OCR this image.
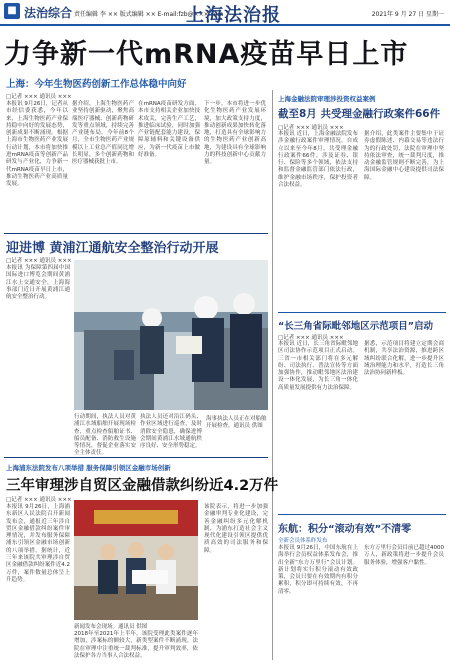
■ 法治综合 责任编辑 李 ×× 版式编辑 ×× E-mail:fzb@×××.com
上海法治报	2021年 9 月 27 日 星期一
力争新一代mRNA疫苗早日上市
上海：今年生物医药创新工作总体稳中向好
□记者 ××× 通讯员 ×××
本报讯 9月26日，记者从市经信委获悉，今年以来，上海生物医药产业保持稳中向好的发展态势，创新成果不断涌现。根据上海市生物医药产业发展行动计划，本市将加快推进mRNA疫苗等创新产品研发与产业化，力争新一代mRNA疫苗早日上市，推动生物医药产业高质量发展。
据介绍，上海生物医药产业坚持创新驱动，聚焦高端医疗器械、创新药物研发等重点领域，持续完善产业链布局。今年前8个月，全市生物医药产业规模以上工业总产值同比增长明显，多个创新药物和医疗器械获批上市。
在mRNA疫苗研发方面，本市支持相关企业加快技术攻关，完善生产工艺，推进临床试验，同时加强产业链配套能力建设，保障原辅料和关键设备供应，为新一代疫苗上市做好准备。
下一步，本市将进一步优化生物医药产业发展环境，加大政策支持力度，推动创新成果加快转化落地，打造具有全球影响力的生物医药产业创新高地，为建设具有全球影响力的科技创新中心贡献力量。
上海金融法院审理涉投资权益案例
截至8月 共受理金融行政案件66件
□记者 ××× 通讯员 ×××
本报讯 近日，上海金融法院发布涉金融行政案件审理情况。自成立以来至今年8月，共受理金融行政案件66件，涉及证券、银行、保险等多个领域，依法支持和监督金融监管部门依法行政，维护金融市场秩序，保护投资者合法权益。
据介绍，此类案件主要集中于证券虚假陈述、内幕交易等违法行为的行政处罚，法院在审理中坚持依法审查，统一裁判尺度，推动金融监管规则不断完善，为上海国际金融中心建设提供司法保障。
“长三角省际毗邻地区示范项目”启动
□记者 ××× 通讯员 ×××
本报讯 近日，长三角省际毗邻地区司法协作示范项目正式启动。三省一市相关部门将在多元解纷、司法执行、普法宣传等方面加强协作，推动毗邻地区法治建设一体化发展，为长三角一体化高质量发展提供有力法治保障。
据悉，示范项目将建立定期会商机制，共享法治资源，推进跨区域纠纷联合化解，进一步提升区域治理能力和水平，打造长三角法治协同新样板。
东航：积分“滚动有效”不清零
全新会员体系昨发布
本报讯 9月26日，中国东航在上海举行会员权益体系发布会，推出全新“东方万里行”会员计划。新计划将实行积分滚动有效政策，会员只要在有效期内有积分累积，积分即可持续有效，不再清零。
东方万里行会员目前已超过4000万人，新政策将进一步提升会员服务体验，增强客户黏性。
迎进博 黄浦江通航安全整治行动开展
□记者 ××× 通讯员 ×××
本报讯 为保障第四届中国国际进口博览会期间黄浦江水上交通安全，上海海事部门近日开展黄浦江通航安全整治行动。
行动期间，执法人员对黄浦江水域船舶开展现场检查，重点检查船舶证书、船员配备、消防救生设施等情况，督促企业落实安全主体责任。
执法人员还对沿江码头、作业区域进行巡查，及时消除安全隐患，确保进博会期间黄浦江水域通航秩序良好、安全形势稳定。
海事执法人员正在对船舶开展检查。通讯员 供图
上海浦东法院发布八项举措 服务保障引领区金融市场创新
三年审理涉自贸区金融借款纠纷近4.2万件
□记者 ××× 通讯员 ×××
本报讯 9月26日，上海浦东新区人民法院召开新闻发布会，通报近三年涉自贸区金融借款纠纷案件审理情况，并发布服务保障浦东引领区金融市场创新的八项举措。据统计，近三年来该院共审理涉自贸区金融借款纠纷案件近4.2万件，案件数量总体呈上升趋势。
新闻发布会现场。通讯员 供图
2018年至2021年上半年，该院受理此类案件逐年增加，涉案标的额较大，新类型案件不断涌现。法院在审理中注重统一裁判标准，提升审判效率，依法保护各方当事人合法权益。
该院表示，将进一步加强金融审判专业化建设，完善金融纠纷多元化解机制，为浦东打造社会主义现代化建设引领区提供优质高效的司法服务和保障。
